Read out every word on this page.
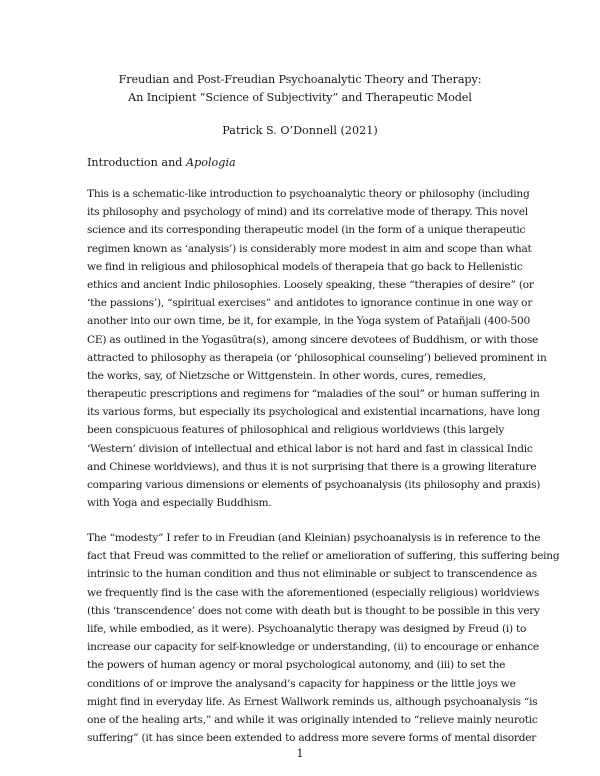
Freudian and Post-Freudian Psychoanalytic Theory and Therapy:
An Incipient “Science of Subjectivity” and Therapeutic Model
Patrick S. O’Donnell (2021)
Introduction and Apologia
This is a schematic-like introduction to psychoanalytic theory or philosophy (including
its philosophy and psychology of mind) and its correlative mode of therapy. This novel
science and its corresponding therapeutic model (in the form of a unique therapeutic
regimen known as ‘analysis’) is considerably more modest in aim and scope than what
we find in religious and philosophical models of therapeia that go back to Hellenistic
ethics and ancient Indic philosophies. Loosely speaking, these “therapies of desire” (or
‘the passions’), “spiritual exercises” and antidotes to ignorance continue in one way or
another into our own time, be it, for example, in the Yoga system of Patañjali (400-500
CE) as outlined in the Yogasūtra(s), among sincere devotees of Buddhism, or with those
attracted to philosophy as therapeia (or ‘philosophical counseling’) believed prominent in
the works, say, of Nietzsche or Wittgenstein. In other words, cures, remedies,
therapeutic prescriptions and regimens for “maladies of the soul” or human suffering in
its various forms, but especially its psychological and existential incarnations, have long
been conspicuous features of philosophical and religious worldviews (this largely
‘Western’ division of intellectual and ethical labor is not hard and fast in classical Indic
and Chinese worldviews), and thus it is not surprising that there is a growing literature
comparing various dimensions or elements of psychoanalysis (its philosophy and praxis)
with Yoga and especially Buddhism.
The “modesty” I refer to in Freudian (and Kleinian) psychoanalysis is in reference to the
fact that Freud was committed to the relief or amelioration of suffering, this suffering being
intrinsic to the human condition and thus not eliminable or subject to transcendence as
we frequently find is the case with the aforementioned (especially religious) worldviews
(this ‘transcendence’ does not come with death but is thought to be possible in this very
life, while embodied, as it were). Psychoanalytic therapy was designed by Freud (i) to
increase our capacity for self-knowledge or understanding, (ii) to encourage or enhance
the powers of human agency or moral psychological autonomy, and (iii) to set the
conditions of or improve the analysand’s capacity for happiness or the little joys we
might find in everyday life. As Ernest Wallwork reminds us, although psychoanalysis “is
one of the healing arts,” and while it was originally intended to “relieve mainly neurotic
suffering” (it has since been extended to address more severe forms of mental disorder
1
